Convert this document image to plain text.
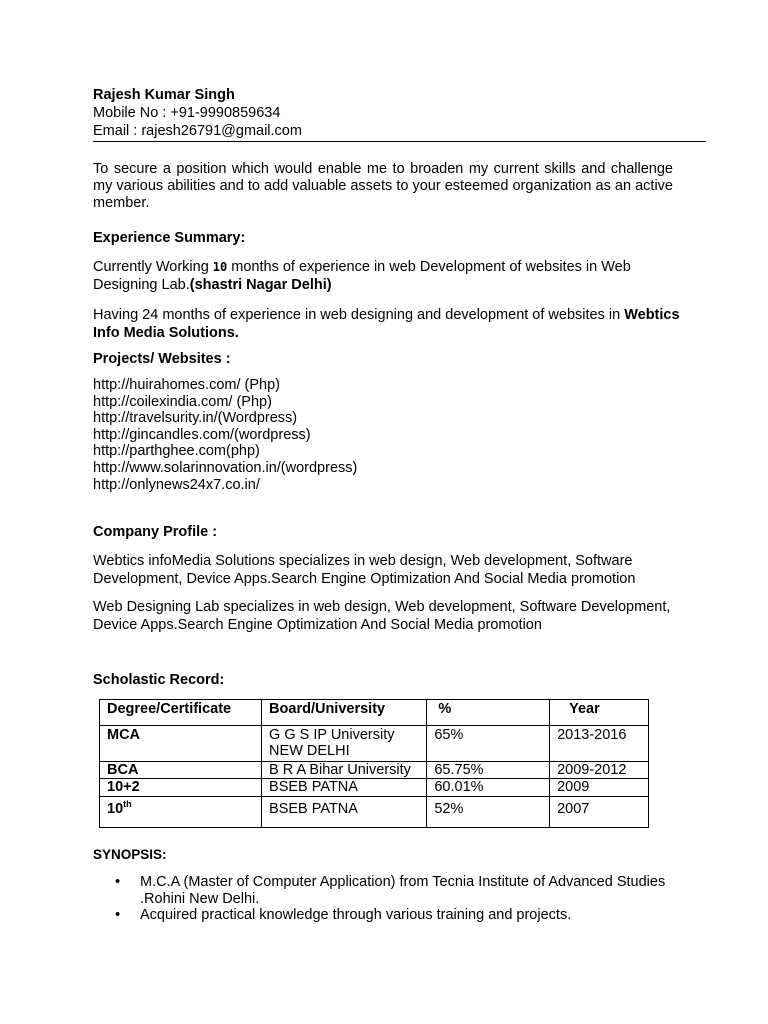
Rajesh Kumar Singh
Mobile No : +91-9990859634
Email : rajesh26791@gmail.com
To secure a position which would enable me to broaden my current skills and challenge my various abilities and to add valuable assets to your esteemed organization as an active member.
Experience Summary:
Currently Working 10 months of experience in web Development of websites in Web Designing Lab.(shastri Nagar Delhi)
Having 24 months of experience in web designing and development of websites in Webtics Info Media Solutions.
Projects/ Websites :
http://huirahomes.com/ (Php)
http://coilexindia.com/ (Php)
http://travelsurity.in/(Wordpress)
http://gincandles.com/(wordpress)
http://parthghee.com(php)
http://www.solarinnovation.in/(wordpress)
http://onlynews24x7.co.in/
Company Profile :
Webtics infoMedia Solutions specializes in web design, Web development, Software Development, Device Apps.Search Engine Optimization And Social Media promotion
Web Designing Lab specializes in web design, Web development, Software Development, Device Apps.Search Engine Optimization And Social Media promotion
Scholastic Record:
Degree/Certificate	Board/University	%	Year
MCA	G G S IP University
NEW DELHI	65%	2013-2016
BCA	B R A Bihar University	65.75%	2009-2012
10+2	BSEB PATNA	60.01%	2009
10th	BSEB PATNA	52%	2007
SYNOPSIS:
• M.C.A (Master of Computer Application) from Tecnia Institute of Advanced Studies .Rohini New Delhi.
• Acquired practical knowledge through various training and projects.
